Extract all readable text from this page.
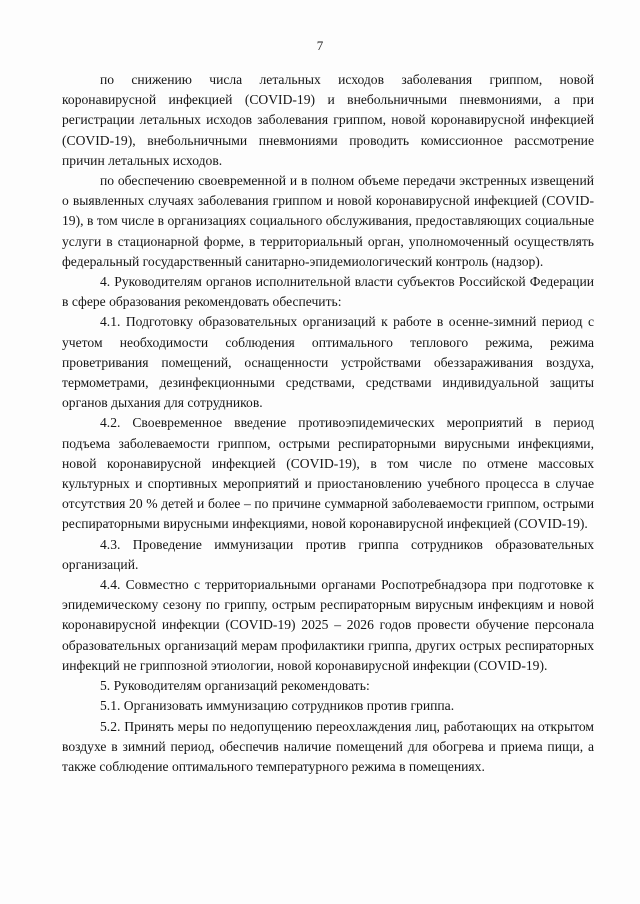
7

по снижению числа летальных исходов заболевания гриппом, новой коронавирусной инфекцией (COVID-19) и внебольничными пневмониями, а при регистрации летальных исходов заболевания гриппом, новой коронавирусной инфекцией (COVID-19), внебольничными пневмониями проводить комиссионное рассмотрение причин летальных исходов.

по обеспечению своевременной и в полном объеме передачи экстренных извещений о выявленных случаях заболевания гриппом и новой коронавирусной инфекцией (COVID-19), в том числе в организациях социального обслуживания, предоставляющих социальные услуги в стационарной форме, в территориальный орган, уполномоченный осуществлять федеральный государственный санитарно-эпидемиологический контроль (надзор).

4. Руководителям органов исполнительной власти субъектов Российской Федерации в сфере образования рекомендовать обеспечить:

4.1. Подготовку образовательных организаций к работе в осенне-зимний период с учетом необходимости соблюдения оптимального теплового режима, режима проветривания помещений, оснащенности устройствами обеззараживания воздуха, термометрами, дезинфекционными средствами, средствами индивидуальной защиты органов дыхания для сотрудников.

4.2. Своевременное введение противоэпидемических мероприятий в период подъема заболеваемости гриппом, острыми респираторными вирусными инфекциями, новой коронавирусной инфекцией (COVID-19), в том числе по отмене массовых культурных и спортивных мероприятий и приостановлению учебного процесса в случае отсутствия 20 % детей и более – по причине суммарной заболеваемости гриппом, острыми респираторными вирусными инфекциями, новой коронавирусной инфекцией (COVID-19).

4.3. Проведение иммунизации против гриппа сотрудников образовательных организаций.

4.4. Совместно с территориальными органами Роспотребнадзора при подготовке к эпидемическому сезону по гриппу, острым респираторным вирусным инфекциям и новой коронавирусной инфекции (COVID-19) 2025 – 2026 годов провести обучение персонала образовательных организаций мерам профилактики гриппа, других острых респираторных инфекций не гриппозной этиологии, новой коронавирусной инфекции (COVID-19).

5. Руководителям организаций рекомендовать:

5.1. Организовать иммунизацию сотрудников против гриппа.

5.2. Принять меры по недопущению переохлаждения лиц, работающих на открытом воздухе в зимний период, обеспечив наличие помещений для обогрева и приема пищи, а также соблюдение оптимального температурного режима в помещениях.
